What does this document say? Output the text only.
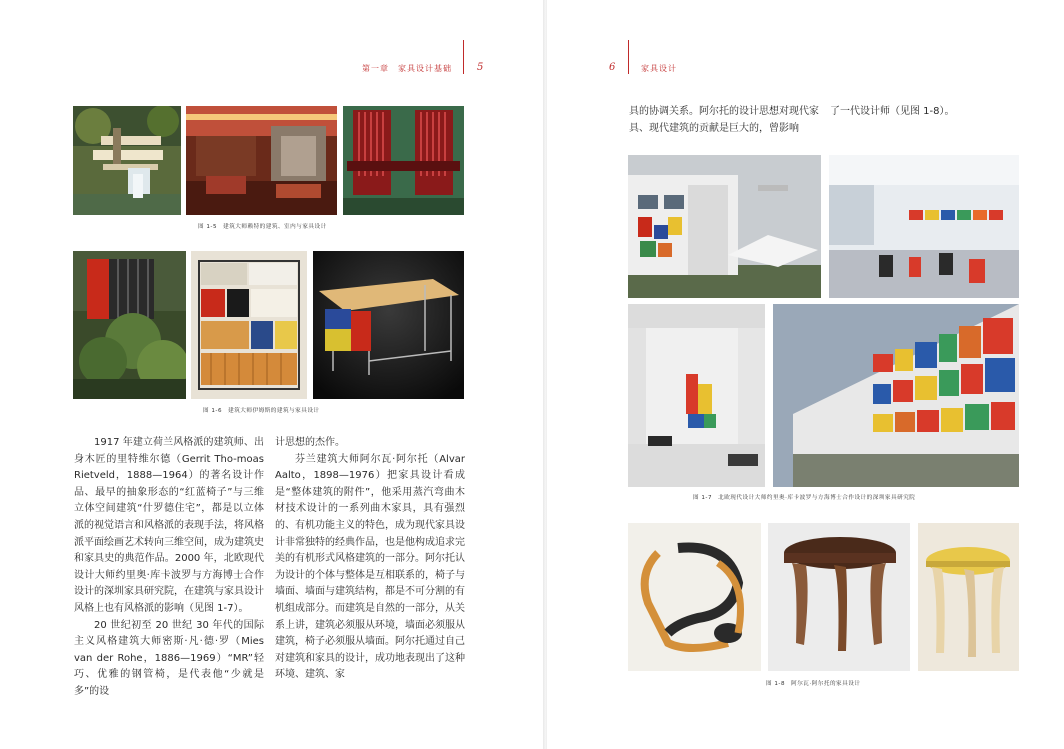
第一章　家具设计基础	5
图 1-5　建筑大师赖特的建筑、室内与家具设计
图 1-6　建筑大师伊姆斯的建筑与家具设计

1917 年建立荷兰风格派的建筑师、出身木匠的里特维尔德（Gerrit Tho-moas Rietveld，1888—1964）的著名设计作品、最早的抽象形态的“红蓝椅子”与三维立体空间建筑“什罗德住宅”，都是以立体派的视觉语言和风格派的表现手法，将风格派平面绘画艺术转向三维空间，成为建筑史和家具史的典范作品。2000 年，北欧现代设计大师约里奥·库卡波罗与方海博士合作设计的深圳家具研究院，在建筑与家具设计风格上也有风格派的影响（见图 1-7）。

20 世纪初至 20 世纪 30 年代的国际主义风格建筑大师密斯·凡·德·罗（Mies van der Rohe，1886—1969）“MR”轻巧、优雅的钢管椅，是代表他“少就是多”的设

计思想的杰作。

芬兰建筑大师阿尔瓦·阿尔托（Alvar Aalto，1898—1976）把家具设计看成是“整体建筑的附件”，他采用蒸汽弯曲木材技术设计的一系列曲木家具，具有强烈的、有机功能主义的特色，成为现代家具设计非常独特的经典作品，也是他构成追求完美的有机形式风格建筑的一部分。阿尔托认为设计的个体与整体是互相联系的，椅子与墙面、墙面与建筑结构，都是不可分割的有机组成部分。而建筑是自然的一部分，从关系上讲，建筑必须服从环境，墙面必须服从建筑，椅子必须服从墙面。阿尔托通过自己对建筑和家具的设计，成功地表现出了这种环境、建筑、家

6	家具设计

具的协调关系。阿尔托的设计思想对现代家具、现代建筑的贡献是巨大的，曾影响

了一代设计师（见图 1-8）。

图 1-7　北欧现代设计大师约里奥·库卡波罗与方海博士合作设计的深圳家具研究院
图 1-8　阿尔瓦·阿尔托的家具设计
